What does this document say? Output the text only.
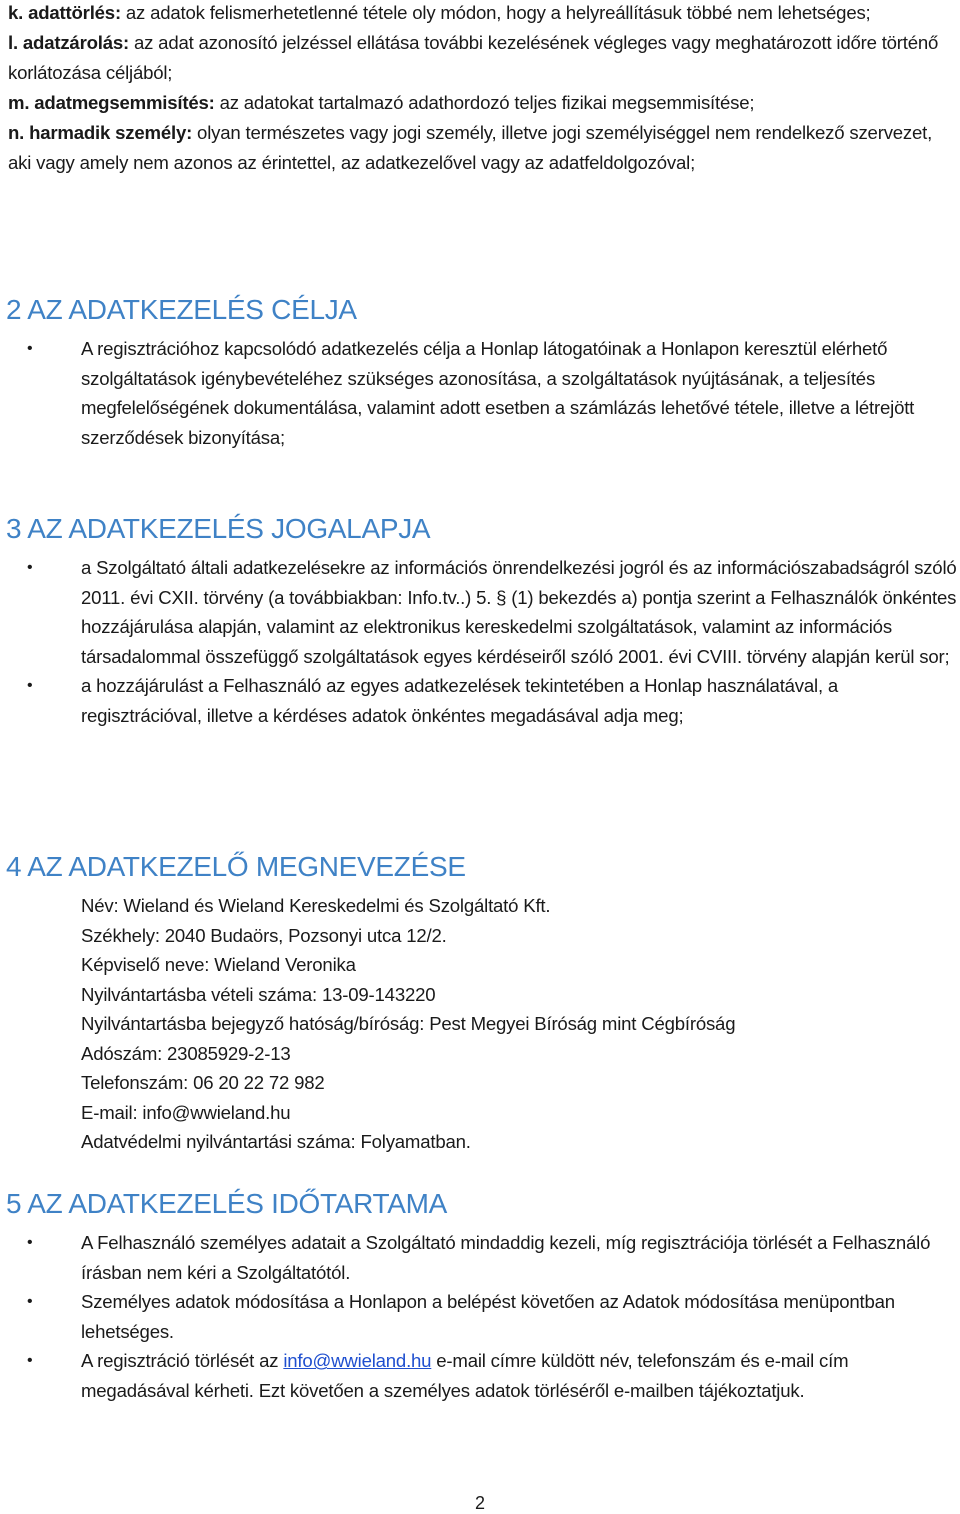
k. adattörlés: az adatok felismerhetetlenné tétele oly módon, hogy a helyreállításuk többé nem lehetséges;

l. adatzárolás: az adat azonosító jelzéssel ellátása további kezelésének végleges vagy meghatározott időre történő korlátozása céljából;

m. adatmegsemmisítés: az adatokat tartalmazó adathordozó teljes fizikai megsemmisítése;

n. harmadik személy: olyan természetes vagy jogi személy, illetve jogi személyiséggel nem rendelkező szervezet, aki vagy amely nem azonos az érintettel, az adatkezelővel vagy az adatfeldolgozóval;

2 AZ ADATKEZELÉS CÉLJA
•	A regisztrációhoz kapcsolódó adatkezelés célja a Honlap látogatóinak a Honlapon keresztül elérhető szolgáltatások igénybevételéhez szükséges azonosítása, a szolgáltatások nyújtásának, a teljesítés megfelelőségének dokumentálása, valamint adott esetben a számlázás lehetővé tétele, illetve a létrejött szerződések bizonyítása;
3 AZ ADATKEZELÉS JOGALAPJA
•	a Szolgáltató általi adatkezelésekre az információs önrendelkezési jogról és az információszabadságról szóló 2011. évi CXII. törvény (a továbbiakban: Info.tv..) 5. § (1) bekezdés a) pontja szerint a Felhasználók önkéntes hozzájárulása alapján, valamint az elektronikus kereskedelmi szolgáltatások, valamint az információs társadalommal összefüggő szolgáltatások egyes kérdéseiről szóló 2001. évi CVIII. törvény alapján kerül sor;
•	a hozzájárulást a Felhasználó az egyes adatkezelések tekintetében a Honlap használatával, a regisztrációval, illetve a kérdéses adatok önkéntes megadásával adja meg;
4 AZ ADATKEZELŐ MEGNEVEZÉSE
Név: Wieland és Wieland Kereskedelmi és Szolgáltató Kft.
Székhely: 2040 Budaörs, Pozsonyi utca 12/2.
Képviselő neve: Wieland Veronika
Nyilvántartásba vételi száma: 13-09-143220
Nyilvántartásba bejegyző hatóság/bíróság: Pest Megyei Bíróság mint Cégbíróság
Adószám: 23085929-2-13
Telefonszám: 06 20 22 72 982
E-mail: info@wwieland.hu
Adatvédelmi nyilvántartási száma: Folyamatban.
5 AZ ADATKEZELÉS IDŐTARTAMA
•	A Felhasználó személyes adatait a Szolgáltató mindaddig kezeli, míg regisztrációja törlését a Felhasználó írásban nem kéri a Szolgáltatótól.
•	Személyes adatok módosítása a Honlapon a belépést követően az Adatok módosítása menüpontban lehetséges.
•	A regisztráció törlését az info@wwieland.hu e-mail címre küldött név, telefonszám és e-mail cím megadásával kérheti. Ezt követően a személyes adatok törléséről e-mailben tájékoztatjuk.
2
